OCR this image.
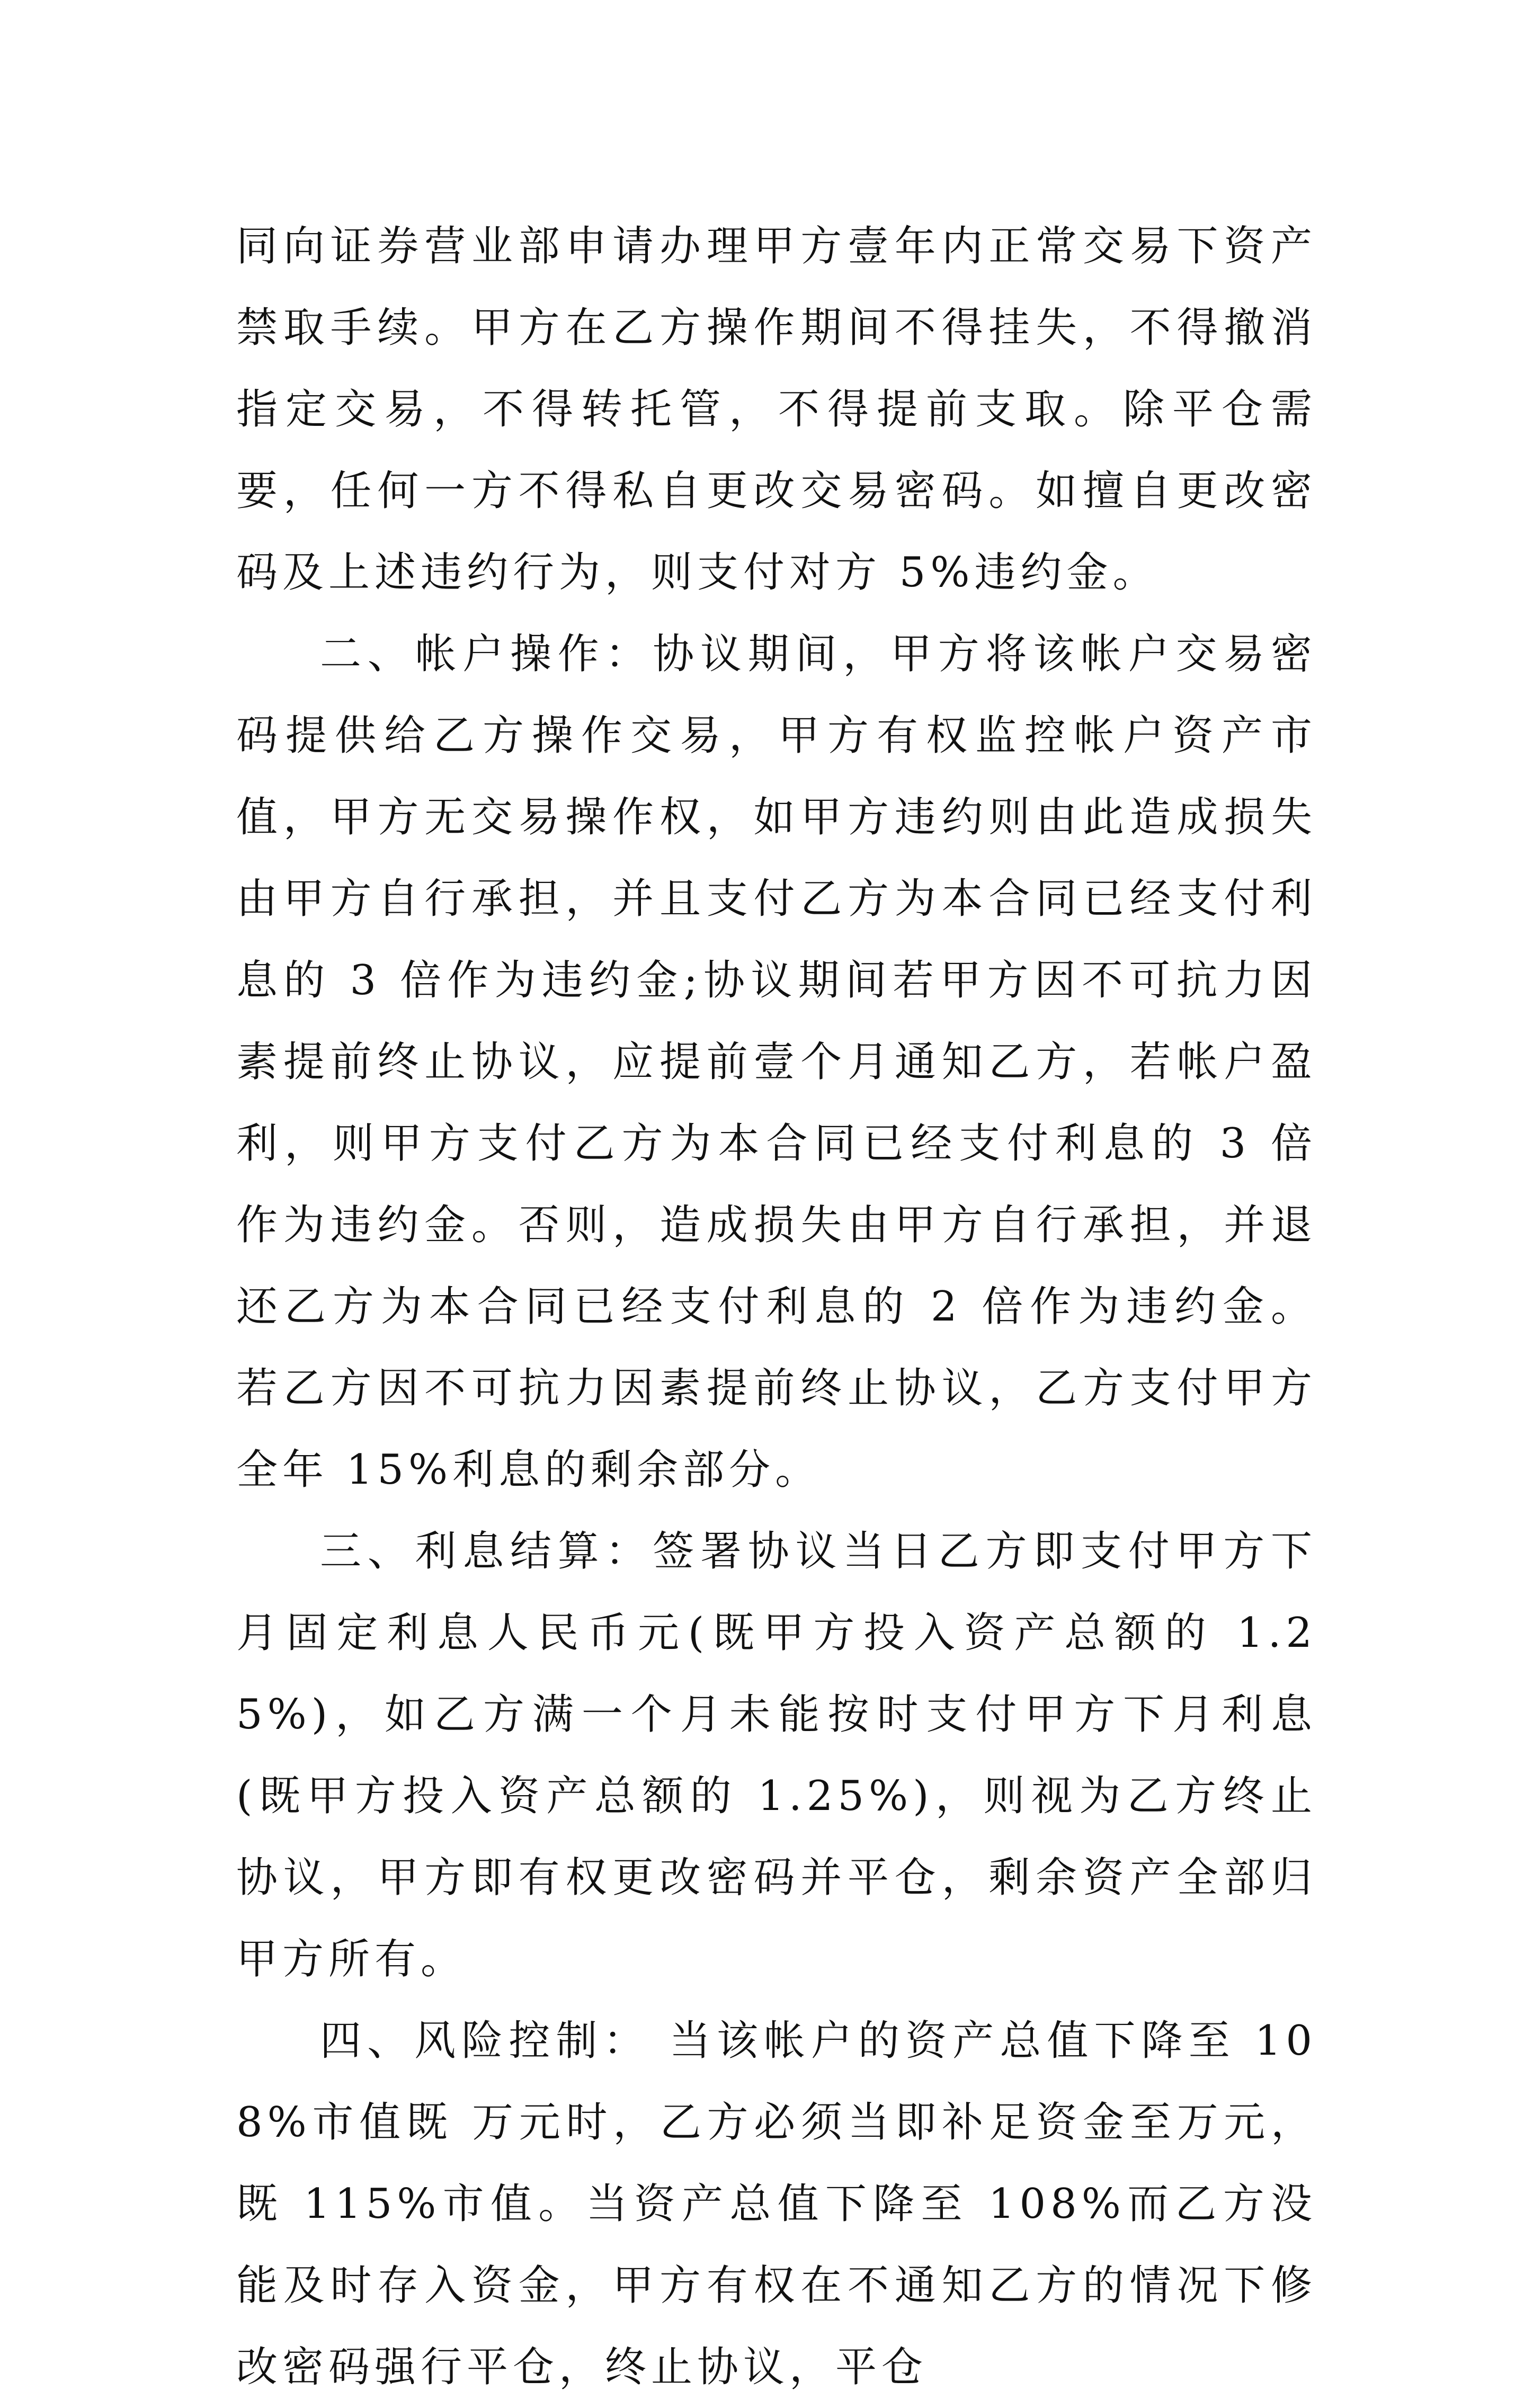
同向证券营业部申请办理甲方壹年内正常交易下资产禁取手续。甲方在乙方操作期间不得挂失，不得撤消指定交易，不得转托管，不得提前支取。除平仓需要，任何一方不得私自更改交易密码。如擅自更改密码及上述违约行为，则支付对方 5%违约金。

二、帐户操作：协议期间，甲方将该帐户交易密码提供给乙方操作交易，甲方有权监控帐户资产市值，甲方无交易操作权，如甲方违约则由此造成损失由甲方自行承担，并且支付乙方为本合同已经支付利息的 3 倍作为违约金;协议期间若甲方因不可抗力因素提前终止协议，应提前壹个月通知乙方，若帐户盈利，则甲方支付乙方为本合同已经支付利息的 3 倍作为违约金。否则，造成损失由甲方自行承担，并退还乙方为本合同已经支付利息的 2 倍作为违约金。若乙方因不可抗力因素提前终止协议，乙方支付甲方全年 15%利息的剩余部分。

三、利息结算：签署协议当日乙方即支付甲方下月固定利息人民币元(既甲方投入资产总额的 1.25%)，如乙方满一个月未能按时支付甲方下月利息(既甲方投入资产总额的 1.25%)，则视为乙方终止协议，甲方即有权更改密码并平仓，剩余资产全部归甲方所有。

四、风险控制： 当该帐户的资产总值下降至 108%市值既 万元时，乙方必须当即补足资金至万元，既 115%市值。当资产总值下降至 108%而乙方没能及时存入资金，甲方有权在不通知乙方的情况下修改密码强行平仓，终止协议，平仓
